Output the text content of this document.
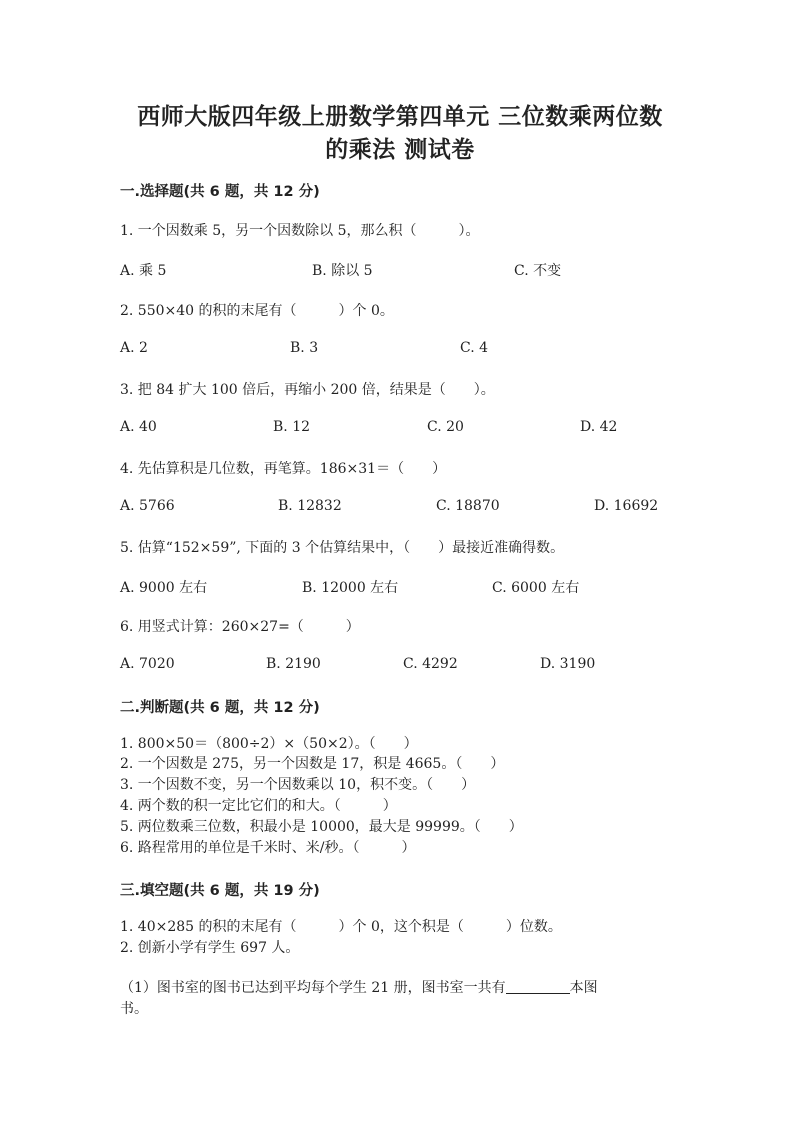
西师大版四年级上册数学第四单元 三位数乘两位数
的乘法 测试卷
一.选择题(共 6 题，共 12 分)
1. 一个因数乘 5，另一个因数除以 5，那么积（　　　）。
A. 乘 5	B. 除以 5	C. 不变
2. 550×40 的积的末尾有（　　　）个 0。
A. 2	B. 3	C. 4
3. 把 84 扩大 100 倍后，再缩小 200 倍，结果是（　　）。
A. 40	B. 12	C. 20	D. 42
4. 先估算积是几位数，再笔算。186×31＝（　　）
A. 5766	B. 12832	C. 18870	D. 16692
5. 估算“152×59”, 下面的 3 个估算结果中，（　　）最接近准确得数。
A. 9000 左右	B. 12000 左右	C. 6000 左右
6. 用竖式计算：260×27=（　　　）
A. 7020	B. 2190	C. 4292	D. 3190
二.判断题(共 6 题，共 12 分)
1. 800×50＝（800÷2）×（50×2）。（　　）
2. 一个因数是 275，另一个因数是 17，积是 4665。（　　）
3. 一个因数不变，另一个因数乘以 10，积不变。（　　）
4. 两个数的积一定比它们的和大。（　　　）
5. 两位数乘三位数，积最小是 10000，最大是 99999。（　　）
6. 路程常用的单位是千米时、米/秒。（　　　）
三.填空题(共 6 题，共 19 分)
1. 40×285 的积的末尾有（　　　）个 0，这个积是（　　　）位数。
2. 创新小学有学生 697 人。
（1）图书室的图书已达到平均每个学生 21 册，图书室一共有	本图
书。
